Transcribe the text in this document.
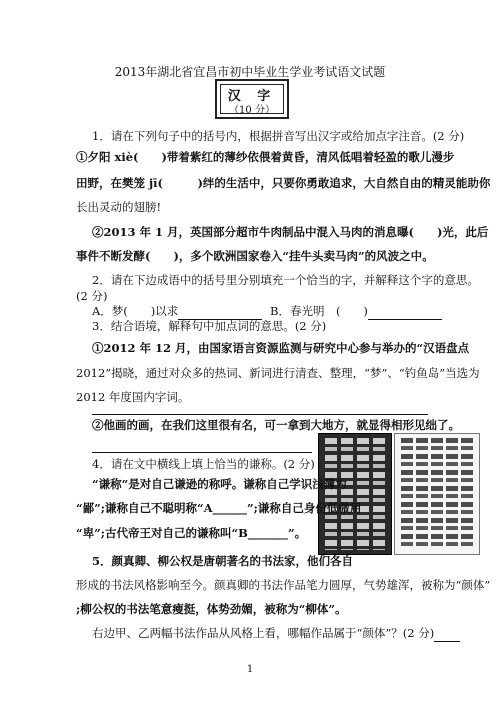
2013年湖北省宜昌市初中毕业生学业考试语文试题
汉 字
（10 分）
1．请在下列句子中的括号内，根据拼音写出汉字或给加点字注音。(2 分)
①夕阳 xiè(　　)带着紫红的薄纱依偎着黄昏，清风低唱着轻盈的歌儿漫步
田野，在樊笼 jī(　　　)绊的生活中，只要你勇敢追求，大自然自由的精灵能助你
长出灵动的翅膀!
②2013 年 1 月，英国部分超市牛肉制品中混入马肉的消息曝(　　)光，此后
事件不断发酵(　　)，多个欧洲国家卷入“挂牛头卖马肉”的风波之中。
2．请在下边成语中的括号里分别填充一个恰当的字，并解释这个字的意思。
(2 分)
A．梦(　　)以求	B．春光明　(　　)
3．结合语境，解释句中加点词的意思。(2 分)
①2012 年 12 月，由国家语言资源监测与研究中心参与举办的“汉语盘点
2012”揭晓，通过对众多的热词、新词进行清查、整理，“梦”、“钓鱼岛”当选为
2012 年度国内字词。
②他画的画，在我们这里很有名，可一拿到大地方，就显得相形见绌了。
4．请在文中横线上填上恰当的谦称。(2 分)
“谦称”是对自己谦逊的称呼。谦称自己学识浅薄为
“鄙”;谦称自己不聪明称“A______”;谦称自己身份低微用
“卑”;古代帝王对自己的谦称叫“B_______”。
5．颜真卿、柳公权是唐朝著名的书法家，他们各自
形成的书法风格影响至今。颜真卿的书法作品笔力圆厚，气势雄浑，被称为“颜体”
;柳公权的书法笔意瘦挺，体势劲媚，被称为“柳体”。
右边甲、乙两幅书法作品从风格上看，哪幅作品属于“颜体”？(2 分)
1
